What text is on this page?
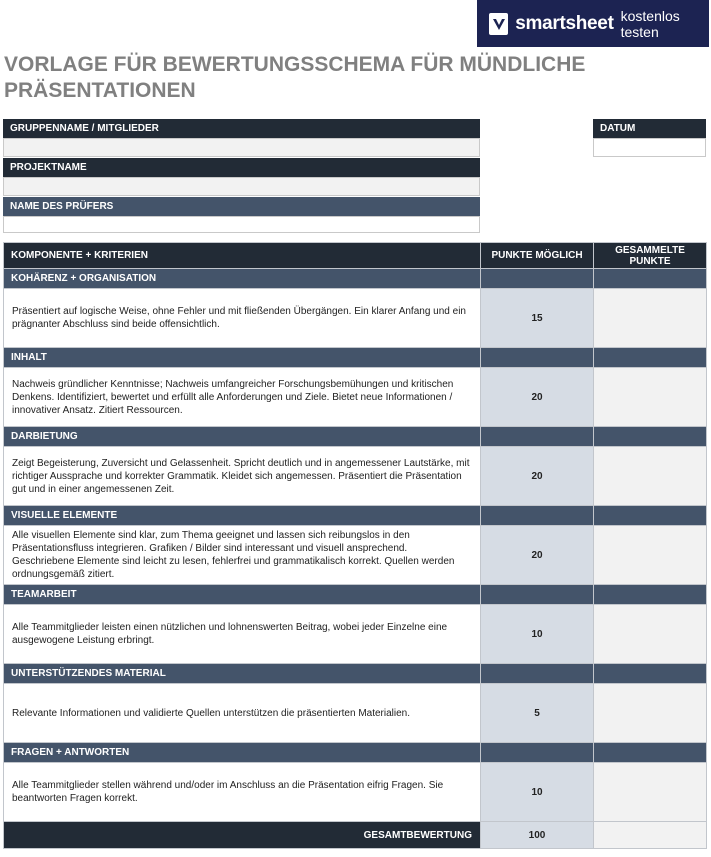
smartsheet kostenlos testen
VORLAGE FÜR BEWERTUNGSSCHEMA FÜR MÜNDLICHE PRÄSENTATIONEN
GRUPPENNAME / MITGLIEDER
PROJEKTNAME
NAME DES PRÜFERS
DATUM
KOMPONENTE + KRITERIEN	PUNKTE MÖGLICH	GESAMMELTE
PUNKTE
KOHÄRENZ + ORGANISATION		
Präsentiert auf logische Weise, ohne Fehler und mit fließenden Übergängen. Ein klarer Anfang und ein prägnanter Abschluss sind beide offensichtlich.	15	
INHALT		
Nachweis gründlicher Kenntnisse; Nachweis umfangreicher Forschungsbemühungen und kritischen Denkens. Identifiziert, bewertet und erfüllt alle Anforderungen und Ziele. Bietet neue Informationen / innovativer Ansatz. Zitiert Ressourcen.	20	
DARBIETUNG		
Zeigt Begeisterung, Zuversicht und Gelassenheit. Spricht deutlich und in angemessener Lautstärke, mit richtiger Aussprache und korrekter Grammatik. Kleidet sich angemessen. Präsentiert die Präsentation gut und in einer angemessenen Zeit.	20	
VISUELLE ELEMENTE		
Alle visuellen Elemente sind klar, zum Thema geeignet und lassen sich reibungslos in den Präsentationsfluss integrieren. Grafiken / Bilder sind interessant und visuell ansprechend. Geschriebene Elemente sind leicht zu lesen, fehlerfrei und grammatikalisch korrekt. Quellen werden ordnungsgemäß zitiert.	20	
TEAMARBEIT		
Alle Teammitglieder leisten einen nützlichen und lohnenswerten Beitrag, wobei jeder Einzelne eine ausgewogene Leistung erbringt.	10	
UNTERSTÜTZENDES MATERIAL		
Relevante Informationen und validierte Quellen unterstützen die präsentierten Materialien.	5	
FRAGEN + ANTWORTEN		
Alle Teammitglieder stellen während und/oder im Anschluss an die Präsentation eifrig Fragen. Sie beantworten Fragen korrekt.	10	
GESAMTBEWERTUNG	100	
